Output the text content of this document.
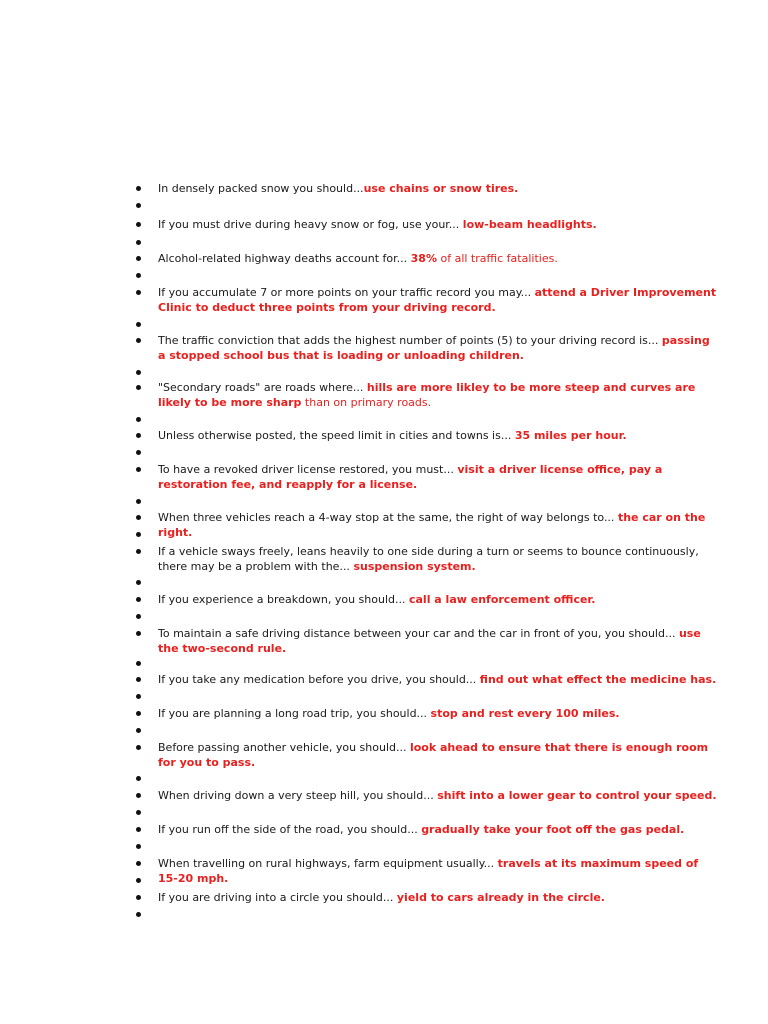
In densely packed snow you should...use chains or snow tires.
If you must drive during heavy snow or fog, use your... low-beam headlights.
Alcohol-related highway deaths account for... 38% of all traffic fatalities.
If you accumulate 7 or more points on your traffic record you may... attend a Driver Improvement Clinic to deduct three points from your driving record.
The traffic conviction that adds the highest number of points (5) to your driving record is... passing a stopped school bus that is loading or unloading children.
"Secondary roads" are roads where... hills are more likley to be more steep and curves are likely to be more sharp than on primary roads.
Unless otherwise posted, the speed limit in cities and towns is... 35 miles per hour.
To have a revoked driver license restored, you must... visit a driver license office, pay a restoration fee, and reapply for a license.
When three vehicles reach a 4-way stop at the same, the right of way belongs to... the car on the right.
If a vehicle sways freely, leans heavily to one side during a turn or seems to bounce continuously, there may be a problem with the... suspension system.
If you experience a breakdown, you should... call a law enforcement officer.
To maintain a safe driving distance between your car and the car in front of you, you should... use the two-second rule.
If you take any medication before you drive, you should... find out what effect the medicine has.
If you are planning a long road trip, you should... stop and rest every 100 miles.
Before passing another vehicle, you should... look ahead to ensure that there is enough room for you to pass.
When driving down a very steep hill, you should... shift into a lower gear to control your speed.
If you run off the side of the road, you should... gradually take your foot off the gas pedal.
When travelling on rural highways, farm equipment usually... travels at its maximum speed of 15-20 mph.
If you are driving into a circle you should... yield to cars already in the circle.
